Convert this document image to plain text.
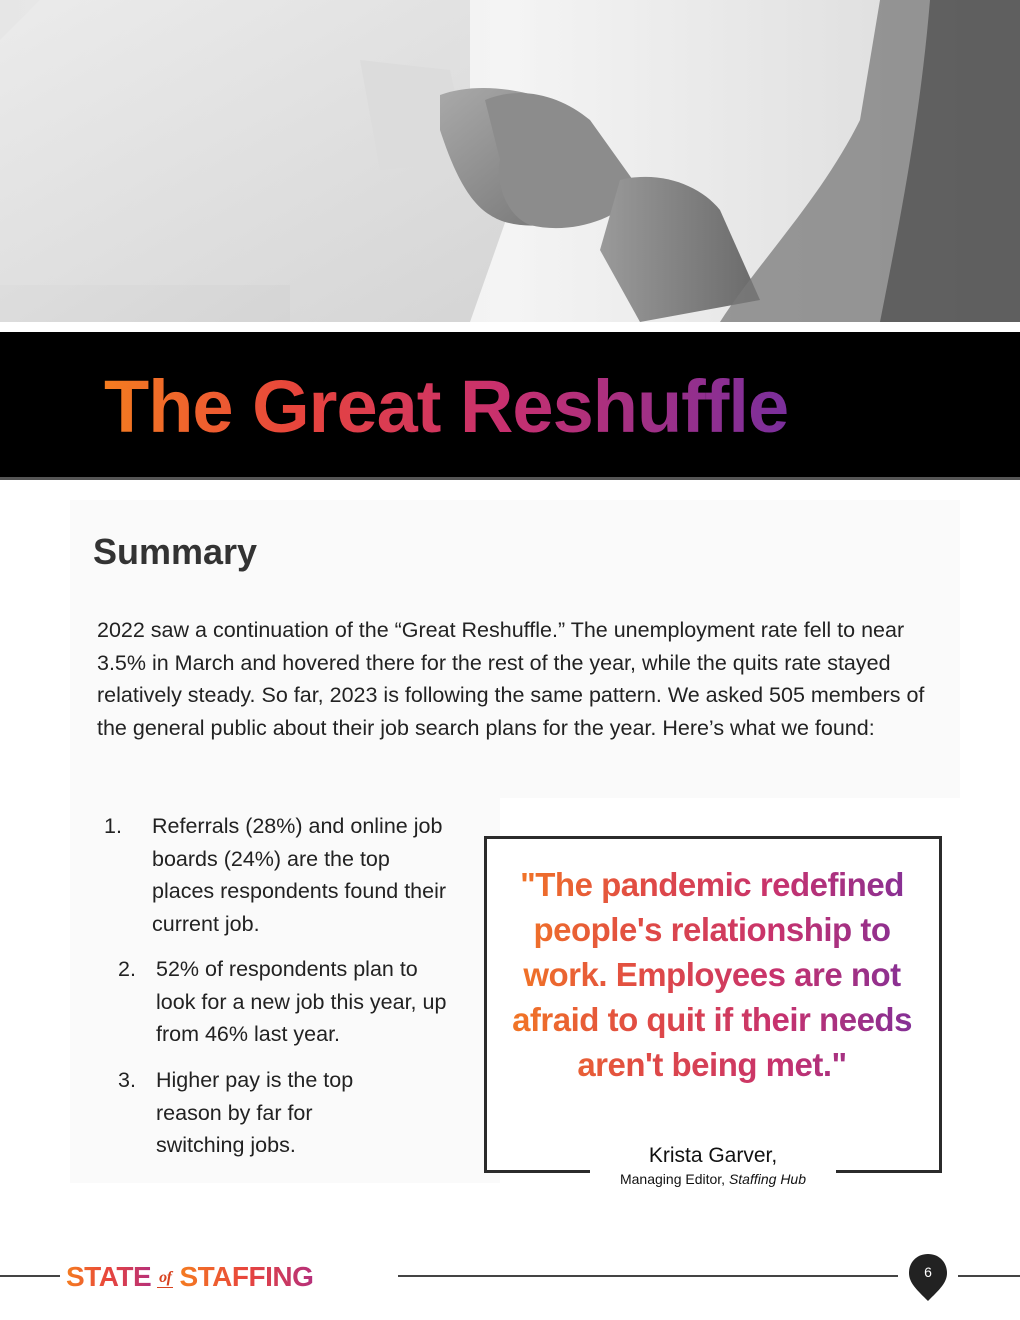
The Great Reshuffle
Summary

2022 saw a continuation of the “Great Reshuffle.” The unemployment rate fell to near 3.5% in March and hovered there for the rest of the year, while the quits rate stayed relatively steady. So far, 2023 is following the same pattern. We asked 505 members of the general public about their job search plans for the year. Here’s what we found:

1. Referrals (28%) and online job boards (24%) are the top places respondents found their current job.
2. 52% of respondents plan to look for a new job this year, up from 46% last year.
3. Higher pay is the top reason by far for switching jobs.

"The pandemic redefined people's relationship to work. Employees are not afraid to quit if their needs aren't being met."

Krista Garver,
Managing Editor, Staffing Hub
STATE of STAFFING	6
